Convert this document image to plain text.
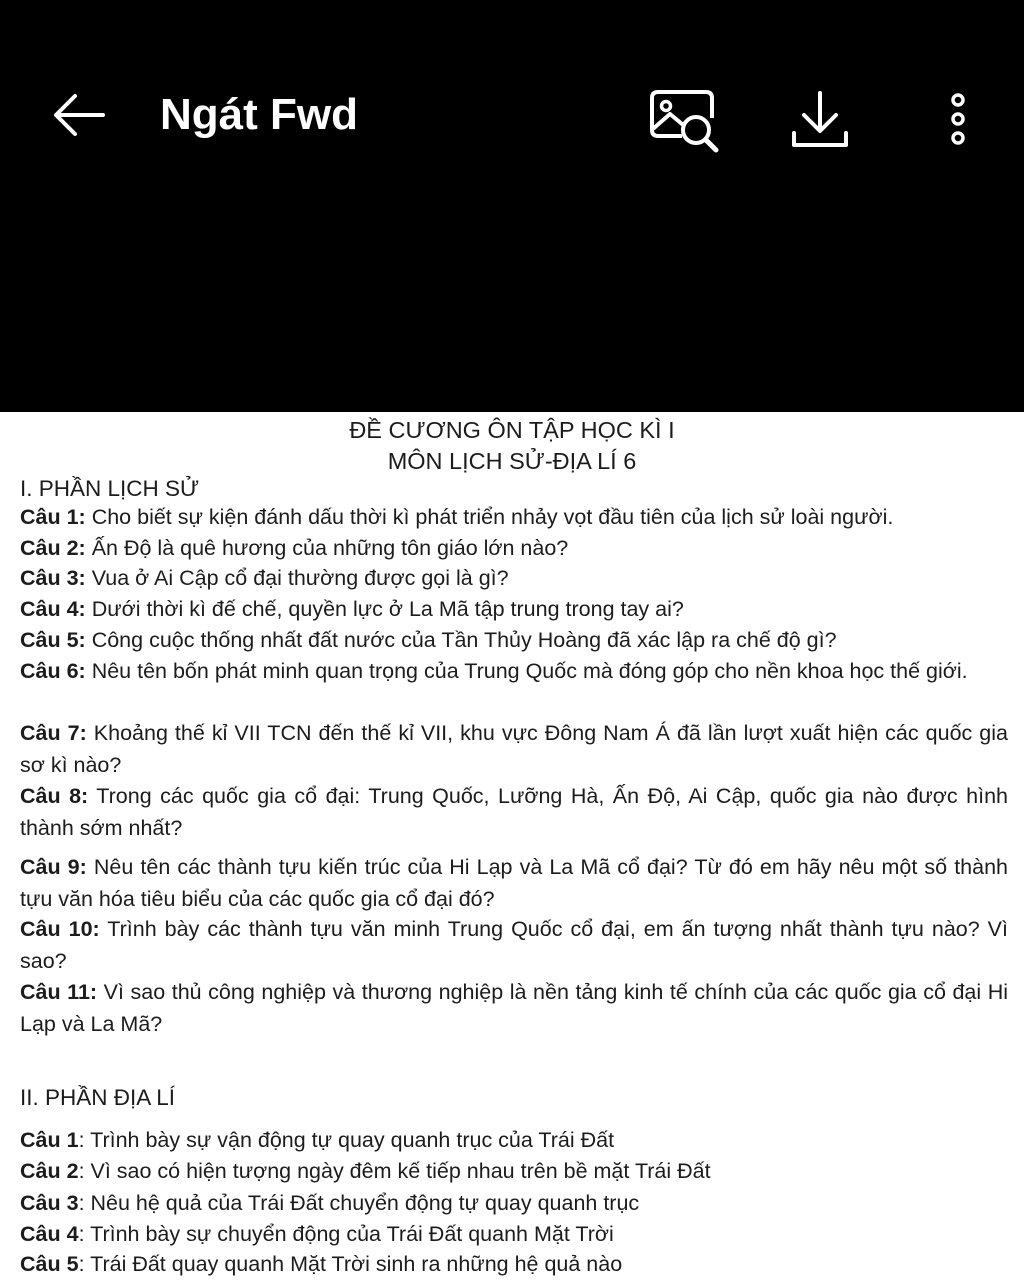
Ngát Fwd
ĐỀ CƯƠNG ÔN TẬP HỌC KÌ I
MÔN LỊCH SỬ-ĐỊA LÍ 6
I. PHẦN LỊCH SỬ
Câu 1: Cho biết sự kiện đánh dấu thời kì phát triển nhảy vọt đầu tiên của lịch sử loài người.
Câu 2: Ấn Độ là quê hương của những tôn giáo lớn nào?
Câu 3: Vua ở Ai Cập cổ đại thường được gọi là gì?
Câu 4: Dưới thời kì đế chế, quyền lực ở La Mã tập trung trong tay ai?
Câu 5: Công cuộc thống nhất đất nước của Tần Thủy Hoàng đã xác lập ra chế độ gì?
Câu 6: Nêu tên bốn phát minh quan trọng của Trung Quốc mà đóng góp cho nền khoa học thế giới.
Câu 7: Khoảng thế kỉ VII TCN đến thế kỉ VII, khu vực Đông Nam Á đã lần lượt xuất hiện các quốc gia sơ kì nào?
Câu 8: Trong các quốc gia cổ đại: Trung Quốc, Lưỡng Hà, Ấn Độ, Ai Cập, quốc gia nào được hình thành sớm nhất?
Câu 9: Nêu tên các thành tựu kiến trúc của Hi Lạp và La Mã cổ đại? Từ đó em hãy nêu một số thành tựu văn hóa tiêu biểu của các quốc gia cổ đại đó?
Câu 10: Trình bày các thành tựu văn minh Trung Quốc cổ đại, em ấn tượng nhất thành tựu nào? Vì sao?
Câu 11: Vì sao thủ công nghiệp và thương nghiệp là nền tảng kinh tế chính của các quốc gia cổ đại Hi Lạp và La Mã?
II. PHẦN ĐỊA LÍ
Câu 1: Trình bày sự vận động tự quay quanh trục của Trái Đất
Câu 2: Vì sao có hiện tượng ngày đêm kế tiếp nhau trên bề mặt Trái Đất
Câu 3: Nêu hệ quả của Trái Đất chuyển động tự quay quanh trục
Câu 4: Trình bày sự chuyển động của Trái Đất quanh Mặt Trời
Câu 5: Trái Đất quay quanh Mặt Trời sinh ra những hệ quả nào
